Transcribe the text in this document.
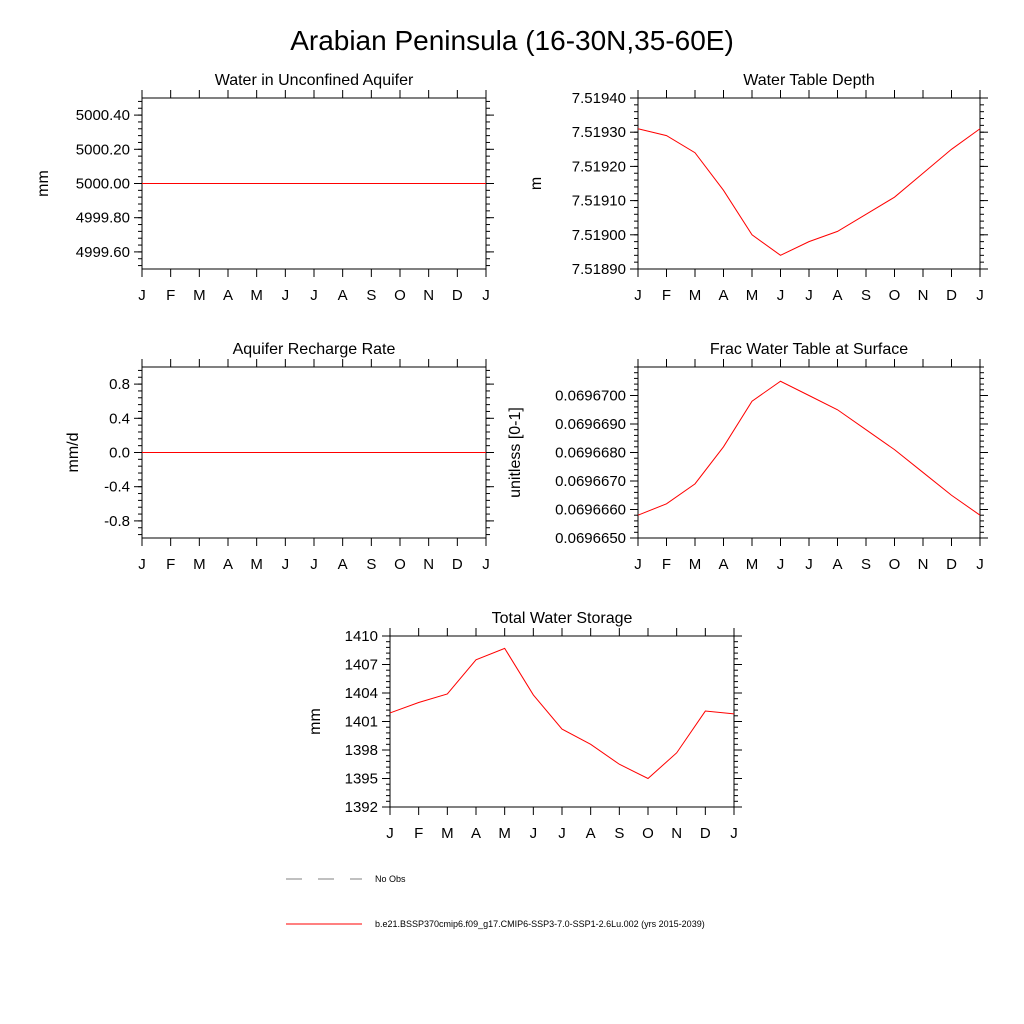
Arabian Peninsula (16-30N,35-60E)
Water in Unconfined Aquifer
mm
J F M A M J J A S O N D J
4999.60
4999.80
5000.00
5000.20
5000.40
Water Table Depth
m
J F M A M J J A S O N D J
7.51890
7.51900
7.51910
7.51920
7.51930
7.51940
Aquifer Recharge Rate
mm/d
J F M A M J J A S O N D J
-0.8
-0.4
0.0
0.4
0.8
Frac Water Table at Surface
unitless [0-1]
J F M A M J J A S O N D J
0.0696650
0.0696660
0.0696670
0.0696680
0.0696690
0.0696700
Total Water Storage
mm
J F M A M J J A S O N D J
1392
1395
1398
1401
1404
1407
1410
No Obs
b.e21.BSSP370cmip6.f09_g17.CMIP6-SSP3-7.0-SSP1-2.6Lu.002 (yrs 2015-2039)
